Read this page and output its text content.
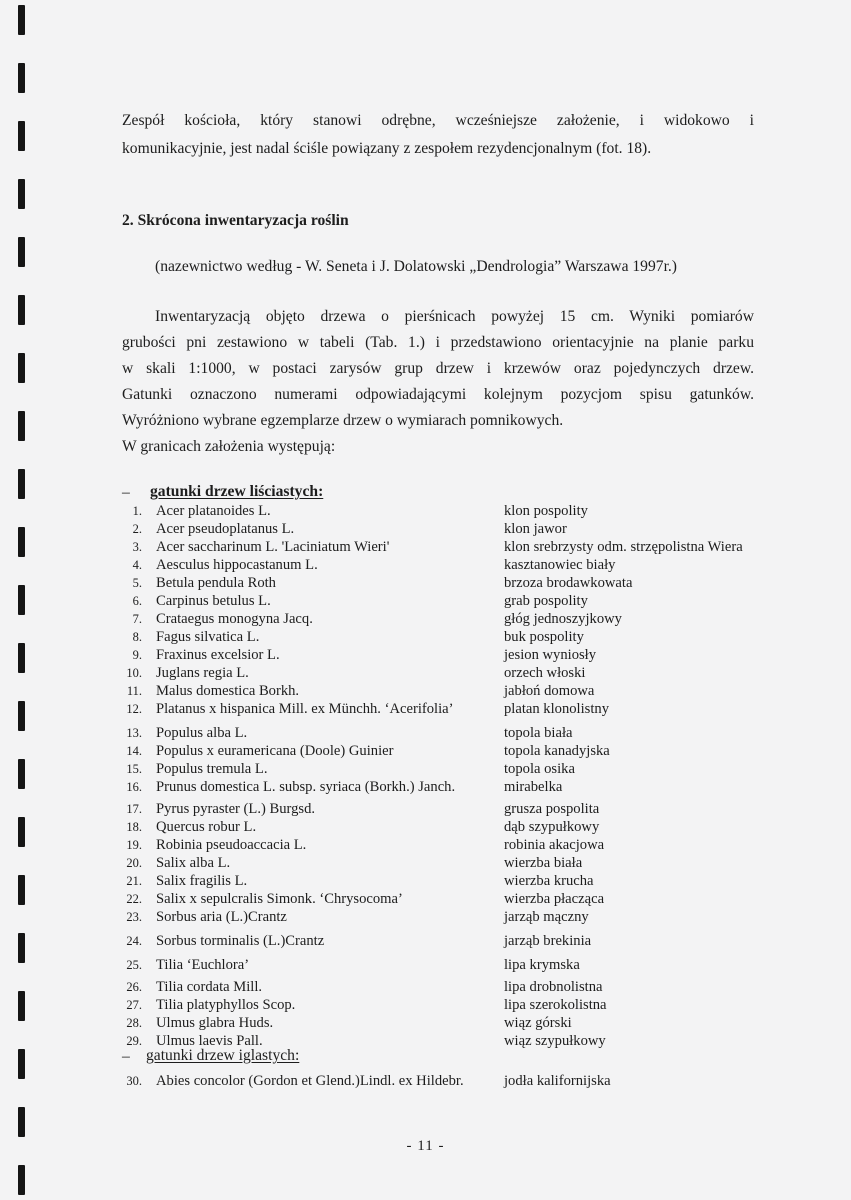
Zespół kościoła, który stanowi odrębne, wcześniejsze założenie, i widokowo i
komunikacyjnie, jest nadal ściśle powiązany z zespołem rezydencjonalnym (fot. 18).
2. Skrócona inwentaryzacja roślin
(nazewnictwo według - W. Seneta i J. Dolatowski „Dendrologia” Warszawa 1997r.)
Inwentaryzacją objęto drzewa o pierśnicach powyżej 15 cm. Wyniki pomiarów
grubości pni zestawiono w tabeli (Tab. 1.) i przedstawiono orientacyjnie na planie parku
w skali 1:1000, w postaci zarysów grup drzew i krzewów oraz pojedynczych drzew.
Gatunki oznaczono numerami odpowiadającymi kolejnym pozycjom spisu gatunków.
Wyróżniono wybrane egzemplarze drzew o wymiarach pomnikowych.
W granicach założenia występują:
– gatunki drzew liściastych:
1. Acer platanoides L.	klon pospolity
2. Acer pseudoplatanus L.	klon jawor
3. Acer saccharinum L. 'Laciniatum Wieri'	klon srebrzysty odm. strzępolistna Wiera
4. Aesculus hippocastanum L.	kasztanowiec biały
5. Betula pendula Roth	brzoza brodawkowata
6. Carpinus betulus L.	grab pospolity
7. Crataegus monogyna Jacq.	głóg jednoszyjkowy
8. Fagus silvatica L.	buk pospolity
9. Fraxinus excelsior L.	jesion wyniosły
10. Juglans regia L.	orzech włoski
11. Malus domestica Borkh.	jabłoń domowa
12. Platanus x hispanica Mill. ex Münchh. ‘Acerifolia’	platan klonolistny
13. Populus alba L.	topola biała
14. Populus x euramericana (Doole) Guinier	topola kanadyjska
15. Populus tremula L.	topola osika
16. Prunus domestica L. subsp. syriaca (Borkh.) Janch.	mirabelka
17. Pyrus pyraster (L.) Burgsd.	grusza pospolita
18. Quercus robur L.	dąb szypułkowy
19. Robinia pseudoaccacia L.	robinia akacjowa
20. Salix alba L.	wierzba biała
21. Salix fragilis L.	wierzba krucha
22. Salix x sepulcralis Simonk. ‘Chrysocoma’	wierzba płacząca
23. Sorbus aria (L.)Crantz	jarząb mączny
24. Sorbus torminalis (L.)Crantz	jarząb brekinia
25. Tilia ‘Euchlora’	lipa krymska
26. Tilia cordata Mill.	lipa drobnolistna
27. Tilia platyphyllos Scop.	lipa szerokolistna
28. Ulmus glabra Huds.	wiąz górski
29. Ulmus laevis Pall.	wiąz szypułkowy
30. Abies concolor (Gordon et Glend.)Lindl. ex Hildebr.	jodła kalifornijska
– gatunki drzew iglastych:
- 11 -
